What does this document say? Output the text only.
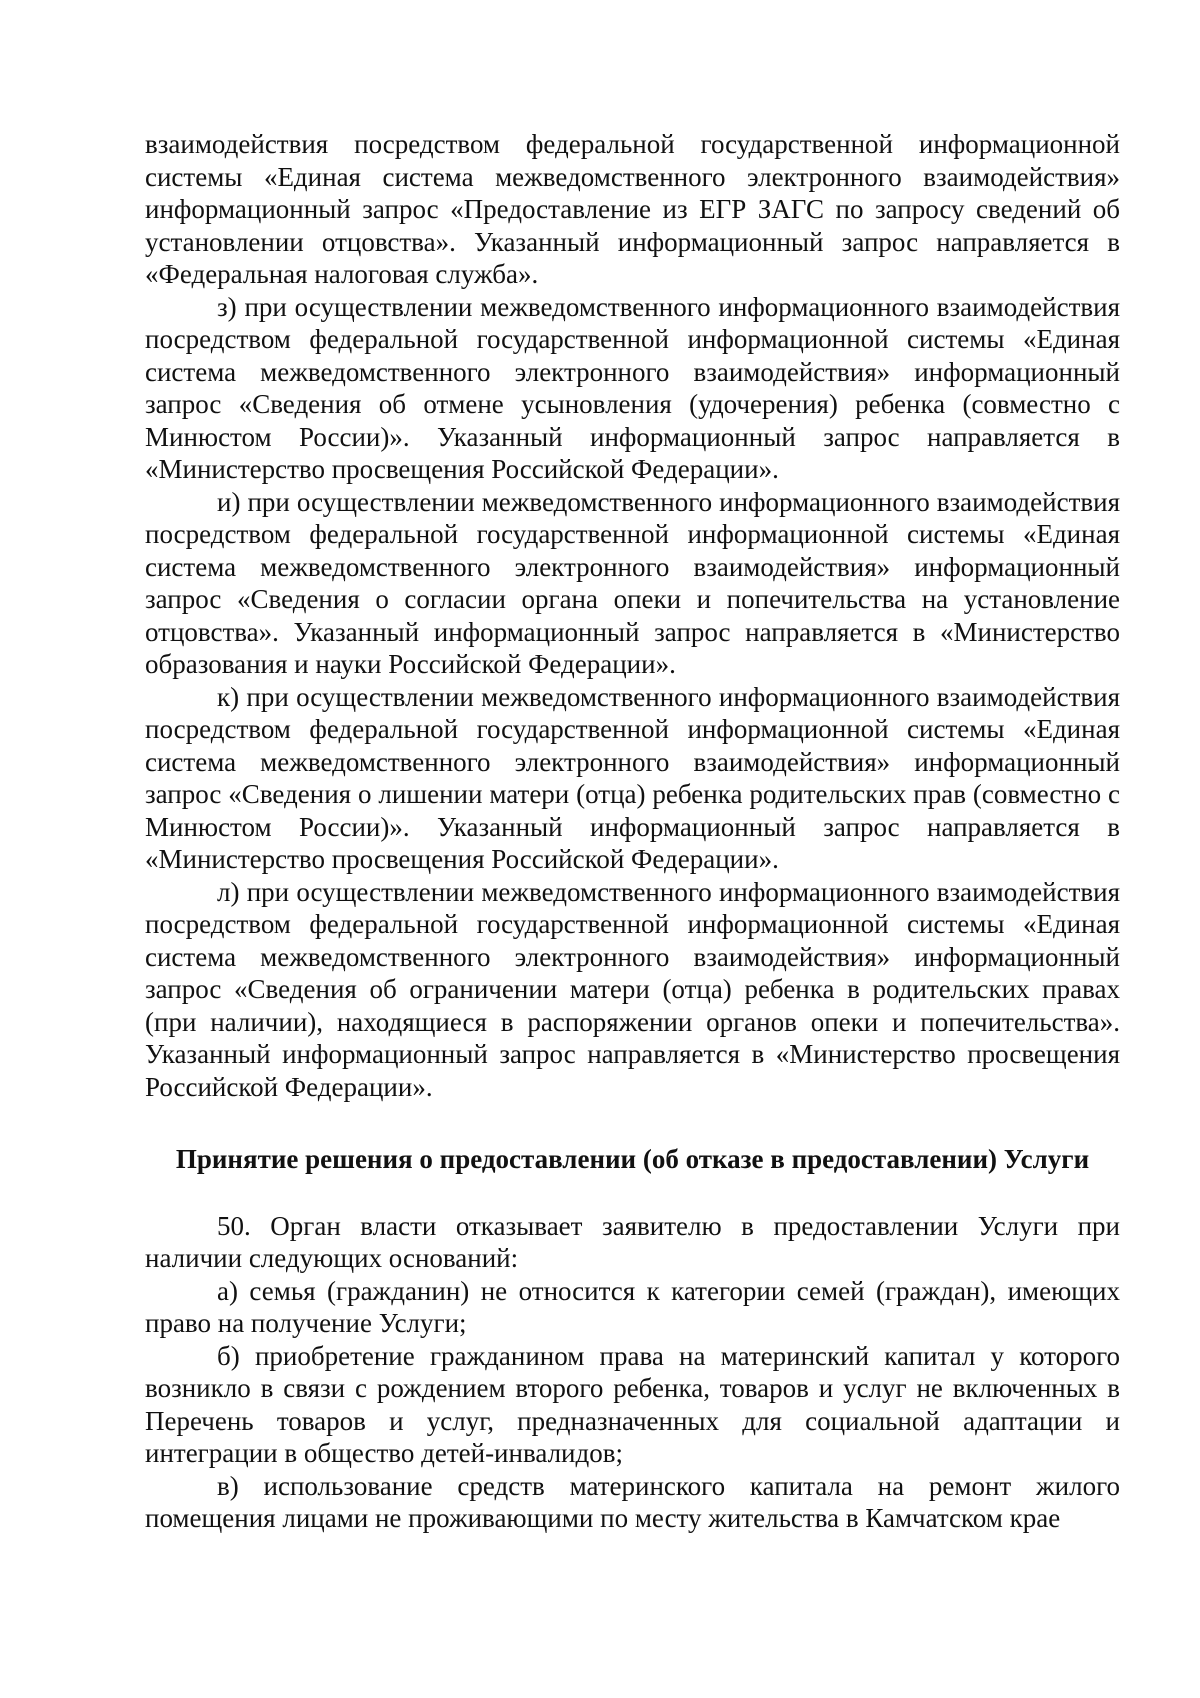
взаимодействия посредством федеральной государственной информационной системы «Единая система межведомственного электронного взаимодействия» информационный запрос «Предоставление из ЕГР ЗАГС по запросу сведений об установлении отцовства». Указанный информационный запрос направляется в «Федеральная налоговая служба».

з) при осуществлении межведомственного информационного взаимодействия посредством федеральной государственной информационной системы «Единая система межведомственного электронного взаимодействия» информационный запрос «Сведения об отмене усыновления (удочерения) ребенка (совместно с Минюстом России)». Указанный информационный запрос направляется в «Министерство просвещения Российской Федерации».

и) при осуществлении межведомственного информационного взаимодействия посредством федеральной государственной информационной системы «Единая система межведомственного электронного взаимодействия» информационный запрос «Сведения о согласии органа опеки и попечительства на установление отцовства». Указанный информационный запрос направляется в «Министерство образования и науки Российской Федерации».

к) при осуществлении межведомственного информационного взаимодействия посредством федеральной государственной информационной системы «Единая система межведомственного электронного взаимодействия» информационный запрос «Сведения о лишении матери (отца) ребенка родительских прав (совместно с Минюстом России)». Указанный информационный запрос направляется в «Министерство просвещения Российской Федерации».

л) при осуществлении межведомственного информационного взаимодействия посредством федеральной государственной информационной системы «Единая система межведомственного электронного взаимодействия» информационный запрос «Сведения об ограничении матери (отца) ребенка в родительских правах (при наличии), находящиеся в распоряжении органов опеки и попечительства». Указанный информационный запрос направляется в «Министерство просвещения Российской Федерации».

Принятие решения о предоставлении (об отказе в предоставлении) Услуги

50. Орган власти отказывает заявителю в предоставлении Услуги при наличии следующих оснований:

а) семья (гражданин) не относится к категории семей (граждан), имеющих право на получение Услуги;

б) приобретение гражданином права на материнский капитал у которого возникло в связи с рождением второго ребенка, товаров и услуг не включенных в Перечень товаров и услуг, предназначенных для социальной адаптации и интеграции в общество детей-инвалидов;

в) использование средств материнского капитала на ремонт жилого помещения лицами не проживающими по месту жительства в Камчатском крае
